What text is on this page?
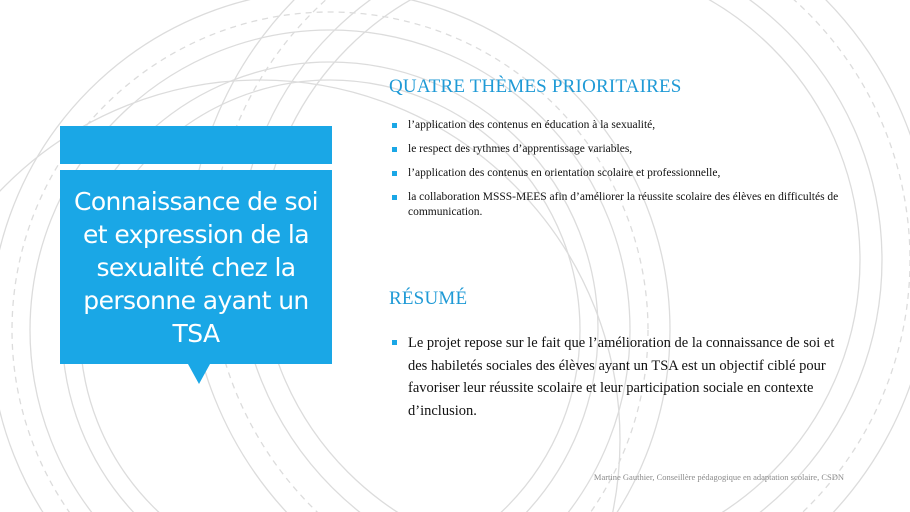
Connaissance de soi et expression de la sexualité chez la personne ayant un TSA
QUATRE THÈMES PRIORITAIRES
l’application des contenus en éducation à la sexualité,
le respect des rythmes d’apprentissage variables,
l’application des contenus en orientation scolaire et professionnelle,
la collaboration MSSS-MEES afin d’améliorer la réussite scolaire des élèves en difficultés de communication.
RÉSUMÉ
Le projet repose sur le fait que l’amélioration de la connaissance de soi et des habiletés sociales des élèves ayant un TSA est un objectif ciblé pour favoriser leur réussite scolaire et leur participation sociale en contexte d’inclusion.

Martine Gauthier, Conseillère pédagogique en adaptation scolaire, CSDN
